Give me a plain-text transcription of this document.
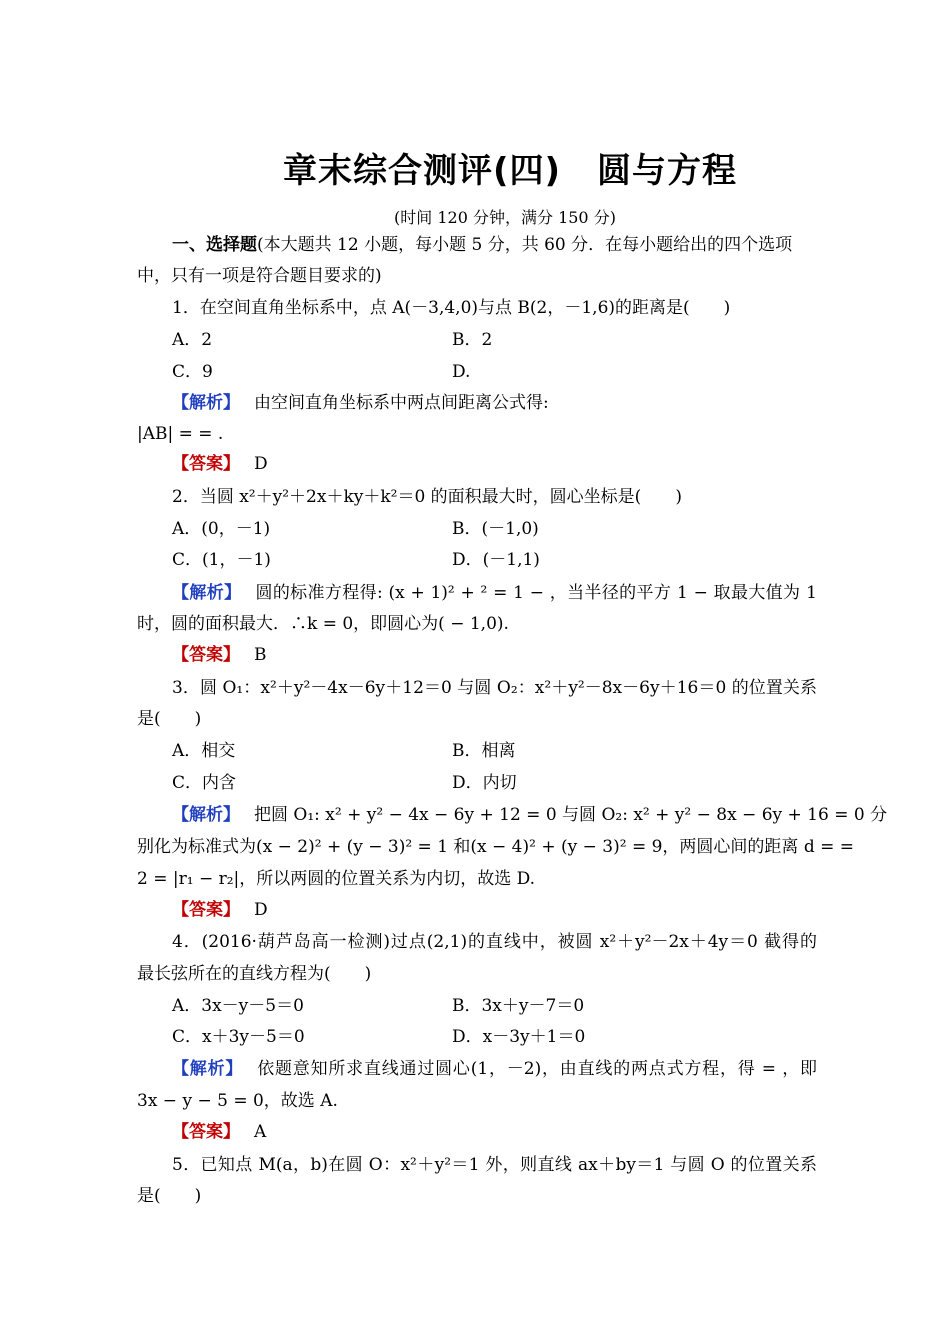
章末综合测评(四) 圆与方程
(时间 120 分钟，满分 150 分)
一、选择题(本大题共 12 小题，每小题 5 分，共 60 分．在每小题给出的四个选项
中，只有一项是符合题目要求的)
1．在空间直角坐标系中，点 A(－3,4,0)与点 B(2，－1,6)的距离是(　　)
A．2	B．2
C．9	D.
【解析】 由空间直角坐标系中两点间距离公式得:
|AB| = = .
【答案】 D
2．当圆 x²＋y²＋2x＋ky＋k²＝0 的面积最大时，圆心坐标是(　　)
A．(0，－1)	B．(－1,0)
C．(1，－1)	D．(－1,1)
【解析】 圆的标准方程得: (x + 1)² + ² = 1 − ，当半径的平方 1 − 取最大值为 1
时，圆的面积最大．∴k = 0，即圆心为( − 1,0).
【答案】 B
3．圆 O₁：x²＋y²－4x－6y＋12＝0 与圆 O₂：x²＋y²－8x－6y＋16＝0 的位置关系
是(　　)
A．相交	B．相离
C．内含	D．内切
【解析】 把圆 O₁: x² + y² − 4x − 6y + 12 = 0 与圆 O₂: x² + y² − 8x − 6y + 16 = 0 分
别化为标准式为(x − 2)² + (y − 3)² = 1 和(x − 4)² + (y − 3)² = 9，两圆心间的距离 d = =
2 = |r₁ − r₂|，所以两圆的位置关系为内切，故选 D.
【答案】 D
4．(2016·葫芦岛高一检测)过点(2,1)的直线中，被圆 x²＋y²－2x＋4y＝0 截得的
最长弦所在的直线方程为(　　)
A．3x－y－5＝0	B．3x＋y－7＝0
C．x＋3y－5＝0	D．x－3y＋1＝0
【解析】 依题意知所求直线通过圆心(1，－2)，由直线的两点式方程，得 = ，即
3x − y − 5 = 0，故选 A.
【答案】 A
5．已知点 M(a，b)在圆 O：x²＋y²＝1 外，则直线 ax＋by＝1 与圆 O 的位置关系
是(　　)
